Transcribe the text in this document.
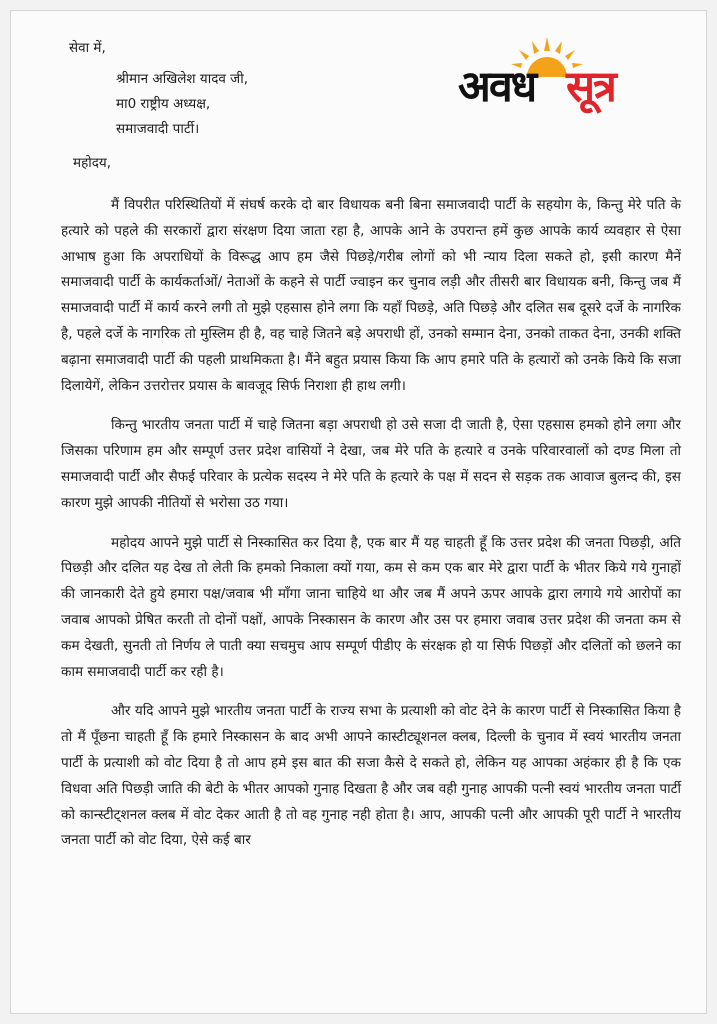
अवध सूत्र
सेवा में,
श्रीमान अखिलेश यादव जी,
मा0 राष्ट्रीय अध्यक्ष,
समाजवादी पार्टी।
महोदय,

मैं विपरीत परिस्थितियों में संघर्ष करके दो बार विधायक बनी बिना समाजवादी पार्टी के सहयोग के, किन्तु मेरे पति के हत्यारे को पहले की सरकारों द्वारा संरक्षण दिया जाता रहा है, आपके आने के उपरान्त हमें कुछ आपके कार्य व्यवहार से ऐसा आभाष हुआ कि अपराधियों के विरूद्ध आप हम जैसे पिछड़े/गरीब लोगों को भी न्याय दिला सकते हो, इसी कारण मैनें समाजवादी पार्टी के कार्यकर्ताओं/ नेताओं के कहने से पार्टी ज्वाइन कर चुनाव लड़ी और तीसरी बार विधायक बनी, किन्तु जब मैं समाजवादी पार्टी में कार्य करने लगी तो मुझे एहसास होने लगा कि यहाँ पिछड़े, अति पिछड़े और दलित सब दूसरे दर्जे के नागरिक है, पहले दर्जे के नागरिक तो मुस्लिम ही है, वह चाहे जितने बड़े अपराधी हों, उनको सम्मान देना, उनको ताकत देना, उनकी शक्ति बढ़ाना समाजवादी पार्टी की पहली प्राथमिकता है। मैंने बहुत प्रयास किया कि आप हमारे पति के हत्यारों को उनके किये कि सजा दिलायेगें, लेकिन उत्तरोत्तर प्रयास के बावजूद सिर्फ निराशा ही हाथ लगी।

किन्तु भारतीय जनता पार्टी में चाहे जितना बड़ा अपराधी हो उसे सजा दी जाती है, ऐसा एहसास हमको होने लगा और जिसका परिणाम हम और सम्पूर्ण उत्तर प्रदेश वासियों ने देखा, जब मेरे पति के हत्यारे व उनके परिवारवालों को दण्ड मिला तो समाजवादी पार्टी और सैफई परिवार के प्रत्येक सदस्य ने मेरे पति के हत्यारे के पक्ष में सदन से सड़क तक आवाज बुलन्द की, इस कारण मुझे आपकी नीतियों से भरोसा उठ गया।

महोदय आपने मुझे पार्टी से निस्कासित कर दिया है, एक बार मैं यह चाहती हूँ कि उत्तर प्रदेश की जनता पिछड़ी, अति पिछड़ी और दलित यह देख तो लेती कि हमको निकाला क्यों गया, कम से कम एक बार मेरे द्वारा पार्टी के भीतर किये गये गुनाहों की जानकारी देते हुये हमारा पक्ष/जवाब भी माँगा जाना चाहिये था और जब मैं अपने ऊपर आपके द्वारा लगाये गये आरोपों का जवाब आपको प्रेषित करती तो दोनों पक्षों, आपके निस्कासन के कारण और उस पर हमारा जवाब उत्तर प्रदेश की जनता कम से कम देखती, सुनती तो निर्णय ले पाती क्या सचमुच आप सम्पूर्ण पीडीए के संरक्षक हो या सिर्फ पिछड़ों और दलितों को छलने का काम समाजवादी पार्टी कर रही है।

और यदि आपने मुझे भारतीय जनता पार्टी के राज्य सभा के प्रत्याशी को वोट देने के कारण पार्टी से निस्कासित किया है तो मैं पूँछना चाहती हूँ कि हमारे निस्कासन के बाद अभी आपने कास्टीट्यूशनल क्लब, दिल्ली के चुनाव में स्वयं भारतीय जनता पार्टी के प्रत्याशी को वोट दिया है तो आप हमे इस बात की सजा कैसे दे सकते हो, लेकिन यह आपका अहंकार ही है कि एक विधवा अति पिछड़ी जाति की बेटी के भीतर आपको गुनाह दिखता है और जब वही गुनाह आपकी पत्नी स्वयं भारतीय जनता पार्टी को कान्स्टीट्शनल क्लब में वोट देकर आती है तो वह गुनाह नही होता है। आप, आपकी पत्नी और आपकी पूरी पार्टी ने भारतीय जनता पार्टी को वोट दिया, ऐसे कई बार
